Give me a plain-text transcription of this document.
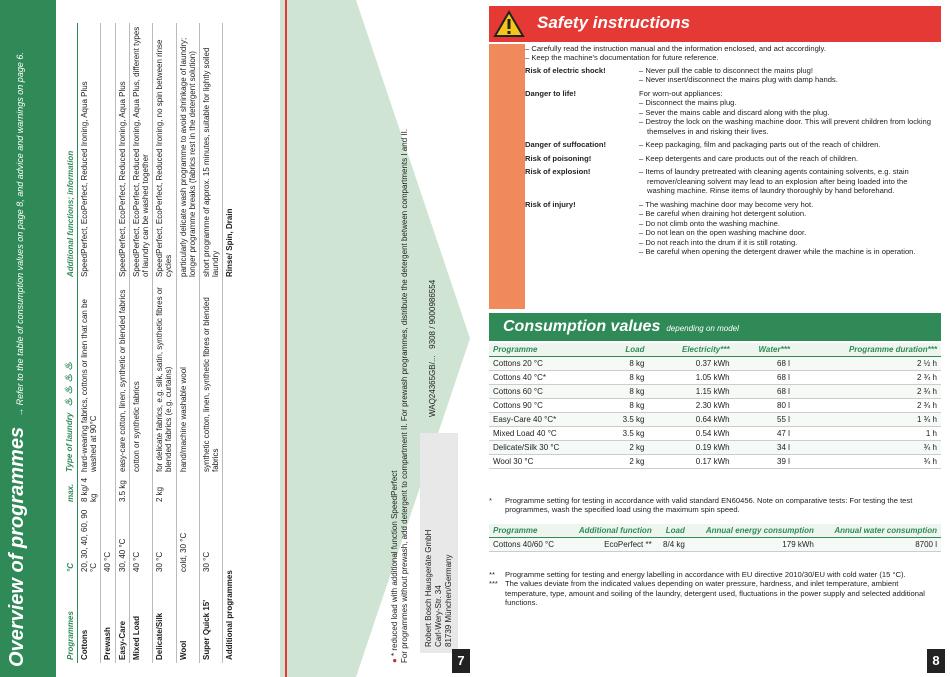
Overview of programmes→ Refer to the table of consumption values on page 8, and advice and warnings on page 6.
Programmes	°C	max.	Type of laundry♨♨♨♨	Additional functions; information
Cottons	20, 30, 40, 60, 90 °C	8 kg/ 4 kg	hard-wearing fabrics, cottons or linen that can be washed at 90°C	SpeedPerfect, EcoPerfect, Reduced Ironing, Aqua Plus
Prewash	40 °C			
Easy-Care	30, 40 °C	3.5 kg	easy-care cotton, linen, synthetic or blended fabrics	SpeedPerfect, EcoPerfect, Reduced Ironing, Aqua Plus
Mixed Load	40 °C		cotton or synthetic fabrics	SpeedPerfect, EcoPerfect, Reduced Ironing, Aqua Plus, different types of laundry can be washed together
Delicate/Silk	30 °C	2 kg	for delicate fabrics, e.g. silk, satin, synthetic fibres or blended fabrics (e.g. curtains)	SpeedPerfect, EcoPerfect, Reduced Ironing, no spin between rinse cycles
Wool	cold, 30 °C		hand/machine washable wool	particularly delicate wash programme to avoid shrinkage of laundry; longer programme breaks (fabrics rest in the detergent solution)
Super Quick 15'	30 °C		synthetic cotton, linen, synthetic fibres or blended fabrics	short programme of approx. 15 minutes, suitable for lightly soiled laundry
Additional programmes				Rinse/ Spin, Drain
● * reduced load with additional function SpeedPerfect For programmes without prewash, add detergent to compartment II. For prewash programmes, distribute the detergent between compartments I and II. Robert Bosch Hausgeräte GmbH Carl-Wery-Str. 34 81739 München/Germany
WAQ24365GB/...   9308 / 9000986554
7
Safety instructions
– Carefully read the instruction manual and the information enclosed, and act accordingly.
– Keep the machine's documentation for future reference.
Risk of electric shock!	– Never pull the cable to disconnect the mains plug!
– Never insert/disconnect the mains plug with damp hands.
Danger to life!	For worn-out appliances:
– Disconnect the mains plug.
– Sever the mains cable and discard along with the plug.
– Destroy the lock on the washing machine door. This will prevent children from locking themselves in and risking their lives.
Danger of suffocation!	– Keep packaging, film and packaging parts out of the reach of children.
Risk of poisoning!	– Keep detergents and care products out of the reach of children.
Risk of explosion!	– Items of laundry pretreated with cleaning agents containing solvents, e.g. stain remover/cleaning solvent may lead to an explosion after being loaded into the washing machine. Rinse items of laundry thoroughly by hand beforehand.
Risk of injury!	– The washing machine door may become very hot.
– Be careful when draining hot detergent solution.
– Do not climb onto the washing machine.
– Do not lean on the open washing machine door.
– Do not reach into the drum if it is still rotating.
– Be careful when opening the detergent drawer while the machine is in operation.
Consumption values depending on model
Programme	Load	Electricity***	Water***	Programme duration***
Cottons 20 °C	8 kg	0.37 kWh	68 l	2 ½ h
Cottons 40 °C*	8 kg	1.05 kWh	68 l	2 ¾ h
Cottons 60 °C	8 kg	1.15 kWh	68 l	2 ¾ h
Cottons 90 °C	8 kg	2.30 kWh	80 l	2 ¾ h
Easy-Care 40 °C*	3.5 kg	0.64 kWh	55 l	1 ¾ h
Mixed Load 40 °C	3.5 kg	0.54 kWh	47 l	1 h
Delicate/Silk 30 °C	2 kg	0.19 kWh	34 l	¾ h
Wool 30 °C	2 kg	0.17 kWh	39 l	¾ h
*	Programme setting for testing in accordance with valid standard EN60456. Note on comparative tests: For testing the test programmes, wash the specified load using the maximum spin speed.
Programme	Additional function	Load	Annual energy consumption	Annual water consumption
Cottons 40/60 °C	EcoPerfect **	8/4 kg	179 kWh	8700 l
**	Programme setting for testing and energy labelling in accordance with EU directive 2010/30/EU with cold water (15 °C).
*** The values deviate from the indicated values depending on water pressure, hardness, and inlet temperature, ambient temperature, type, amount and soiling of the laundry, detergent used, fluctuations in the power supply and selected additional functions.
8
